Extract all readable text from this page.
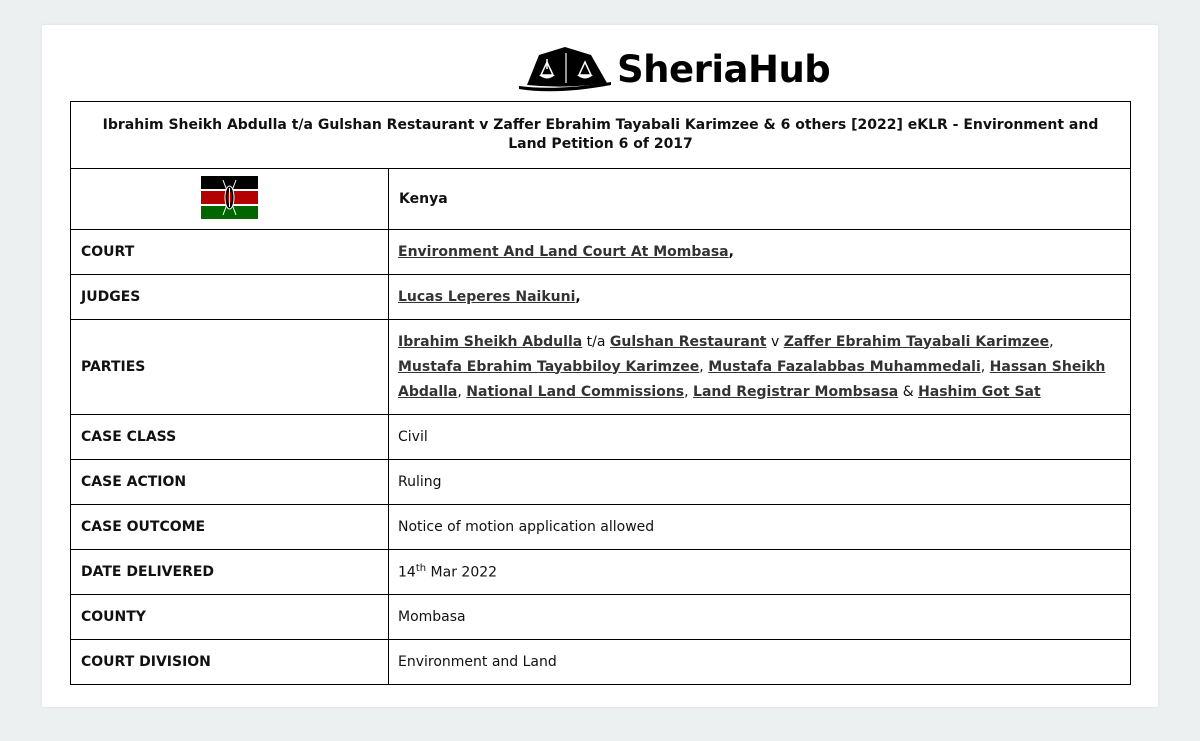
SheriaHub
Ibrahim Sheikh Abdulla t/a Gulshan Restaurant v Zaffer Ebrahim Tayabali Karimzee & 6 others [2022] eKLR - Environment and Land Petition 6 of 2017	
	Kenya
COURT	Environment And Land Court At Mombasa,
JUDGES	Lucas Leperes Naikuni,
PARTIES	Ibrahim Sheikh Abdulla t/a Gulshan Restaurant v Zaffer Ebrahim Tayabali Karimzee, Mustafa Ebrahim Tayabbiloy Karimzee, Mustafa Fazalabbas Muhammedali, Hassan Sheikh Abdalla, National Land Commissions, Land Registrar Mombsasa & Hashim Got Sat
CASE CLASS	Civil
CASE ACTION	Ruling
CASE OUTCOME	Notice of motion application allowed
DATE DELIVERED	14th Mar 2022
COUNTY	Mombasa
COURT DIVISION	Environment and Land
